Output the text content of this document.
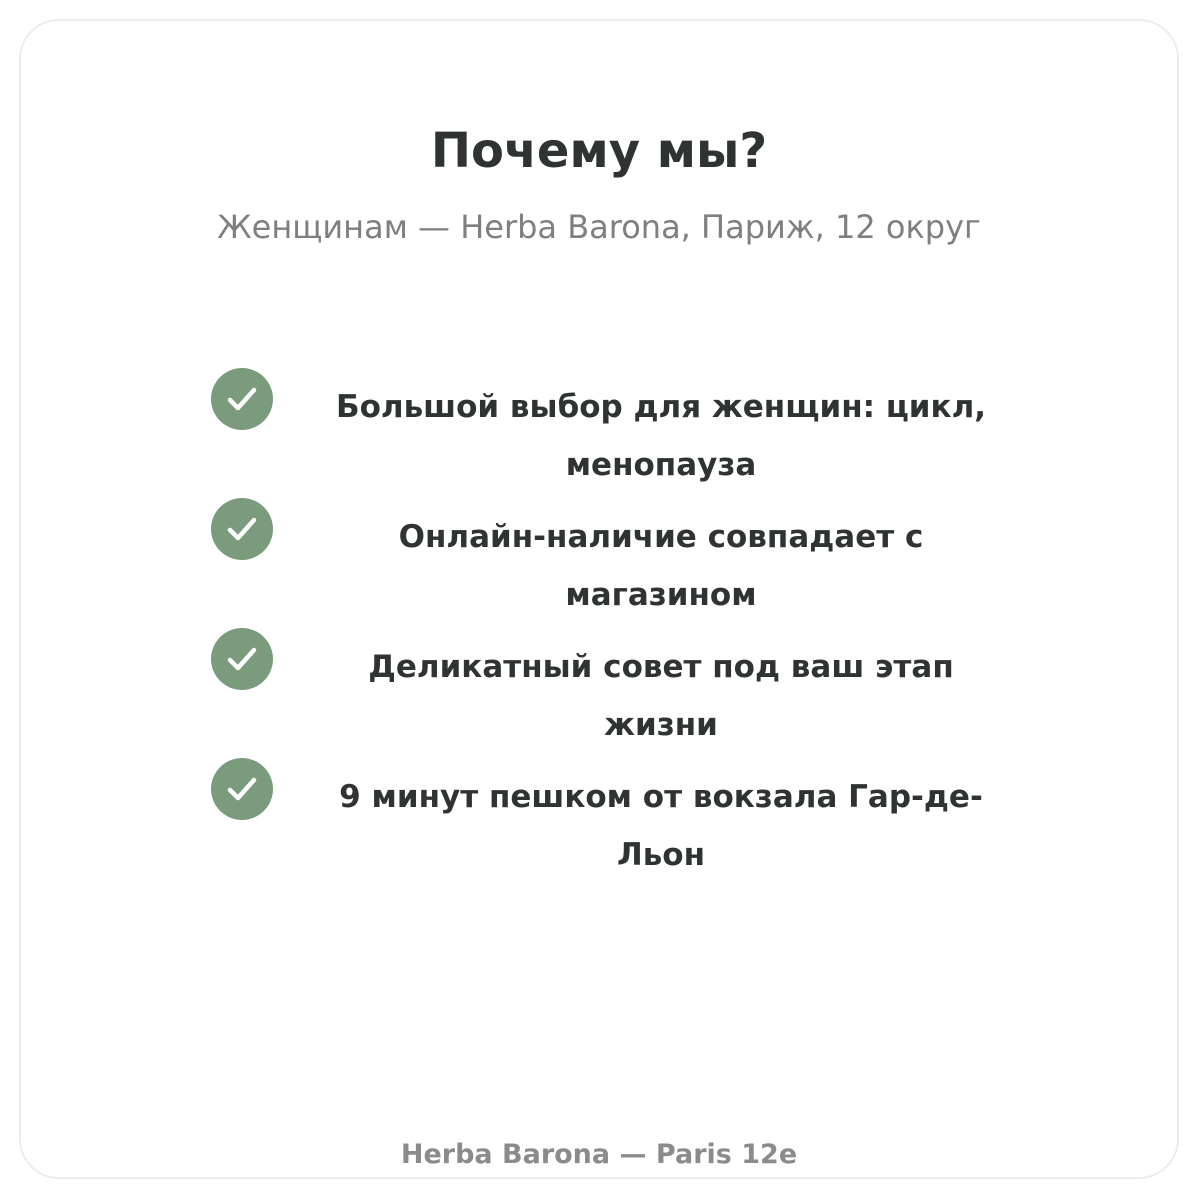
Почему мы?

Женщинам — Herba Barona, Париж, 12 округ

Большой выбор для женщин: цикл, менопауза
Онлайн-наличие совпадает с магазином
Деликатный совет под ваш этап жизни
9 минут пешком от вокзала Гар-де-Льон
Herba Barona — Paris 12e
